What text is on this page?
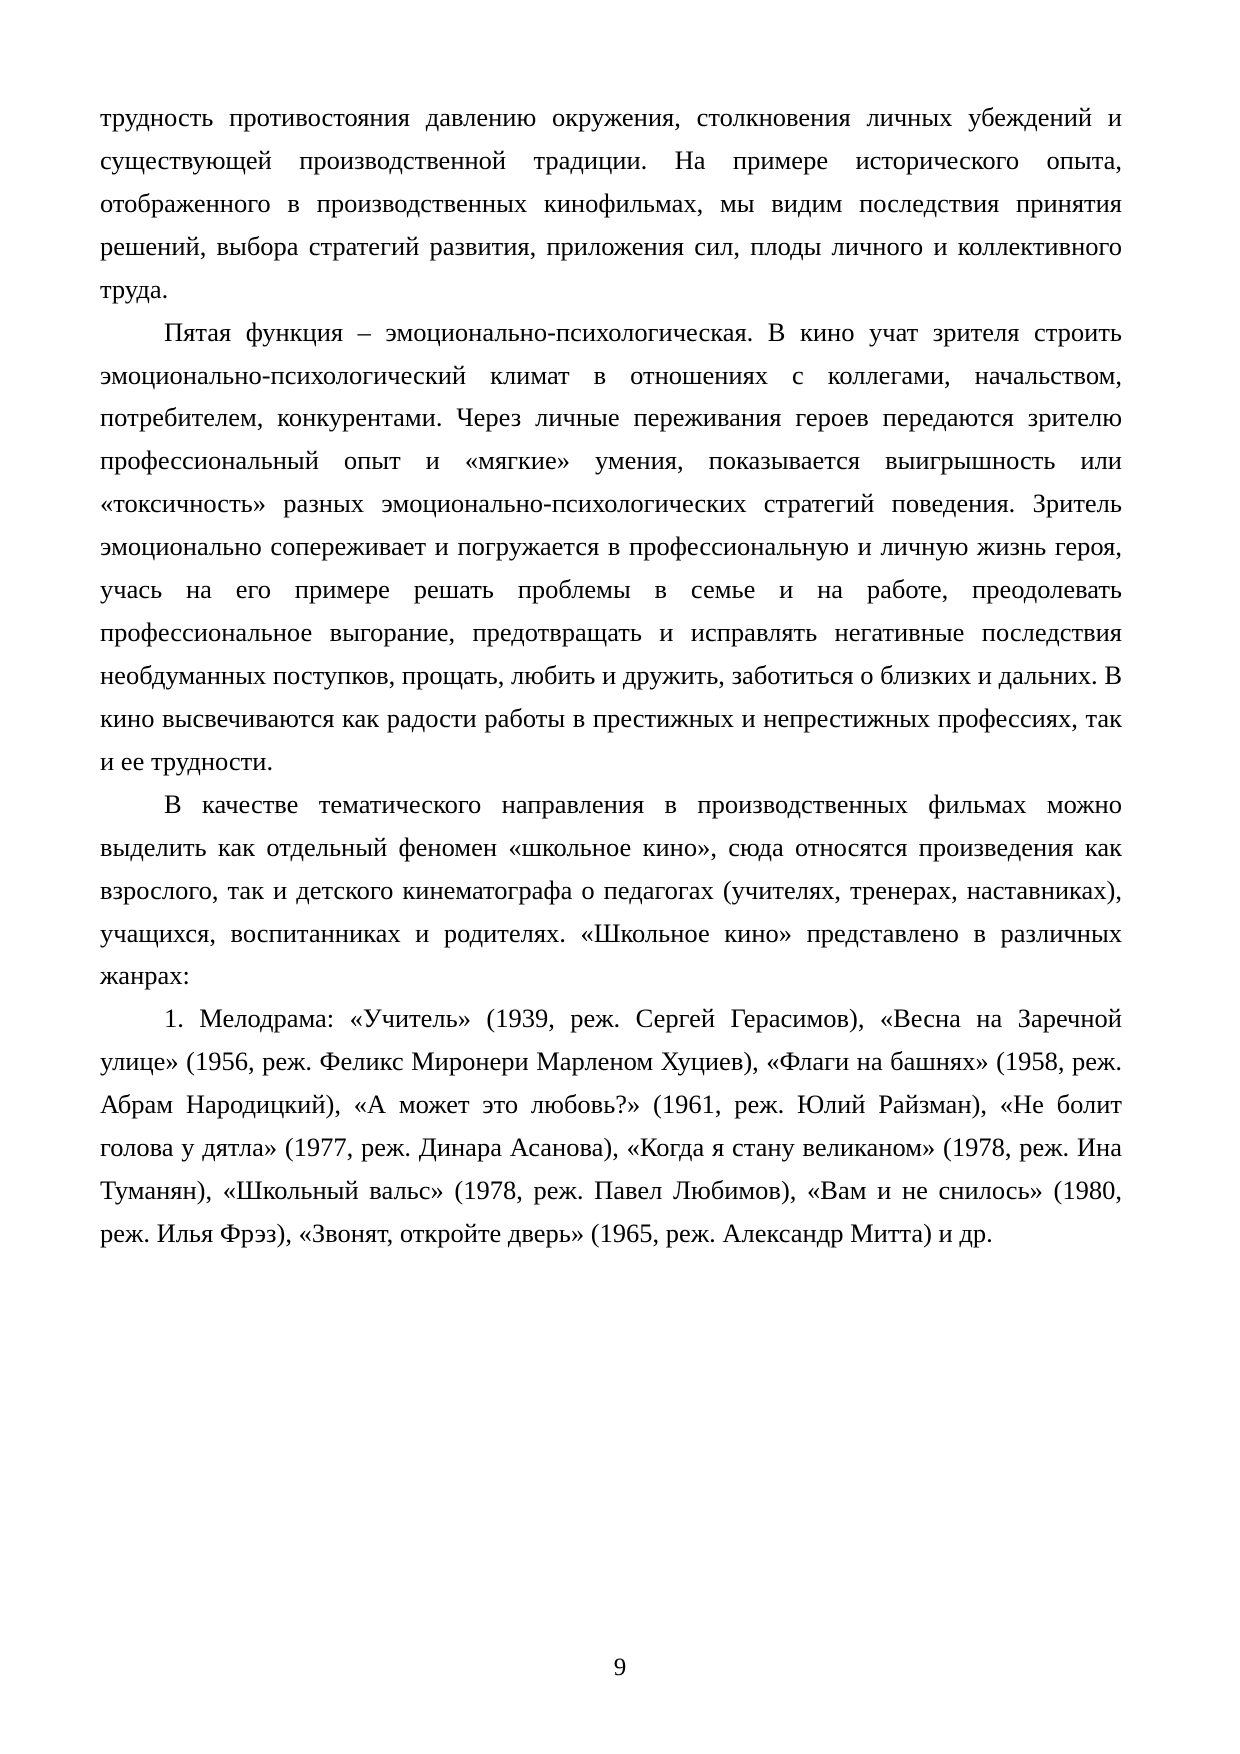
трудность противостояния давлению окружения, столкновения личных убеждений и существующей производственной традиции. На примере исторического опыта, отображенного в производственных кинофильмах, мы видим последствия принятия решений, выбора стратегий развития, приложения сил, плоды личного и коллективного труда.

Пятая функция – эмоционально-психологическая. В кино учат зрителя строить эмоционально-психологический климат в отношениях с коллегами, начальством, потребителем, конкурентами. Через личные переживания героев передаются зрителю профессиональный опыт и «мягкие» умения, показывается выигрышность или «токсичность» разных эмоционально-психологических стратегий поведения. Зритель эмоционально сопереживает и погружается в профессиональную и личную жизнь героя, учась на его примере решать проблемы в семье и на работе, преодолевать профессиональное выгорание, предотвращать и исправлять негативные последствия необдуманных поступков, прощать, любить и дружить, заботиться о близких и дальних. В кино высвечиваются как радости работы в престижных и непрестижных профессиях, так и ее трудности.

В качестве тематического направления в производственных фильмах можно выделить как отдельный феномен «школьное кино», сюда относятся произведения как взрослого, так и детского кинематографа о педагогах (учителях, тренерах, наставниках), учащихся, воспитанниках и родителях. «Школьное кино» представлено в различных жанрах:

1. Мелодрама: «Учитель» (1939, реж. Сергей Герасимов), «Весна на Заречной улице» (1956, реж. Феликс Миронери Марленом Хуциев), «Флаги на башнях» (1958, реж. Абрам Народицкий), «А может это любовь?» (1961, реж. Юлий Райзман), «Не болит голова у дятла» (1977, реж. Динара Асанова), «Когда я стану великаном» (1978, реж. Ина Туманян), «Школьный вальс» (1978, реж. Павел Любимов), «Вам и не снилось» (1980, реж. Илья Фрэз), «Звонят, откройте дверь» (1965, реж. Александр Митта) и др.

9
